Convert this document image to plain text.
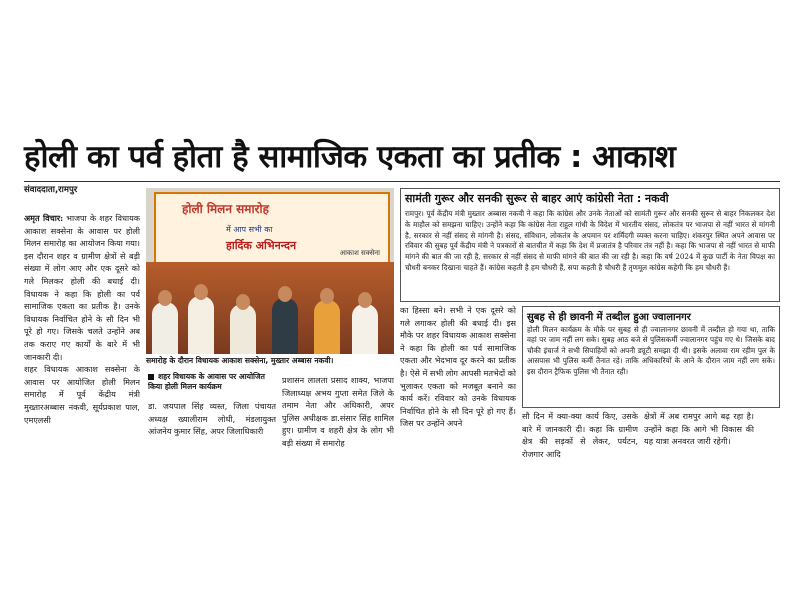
होली का पर्व होता है सामाजिक एकता का प्रतीक : आकाश
संवाददाता,रामपुर

अमृत विचार: भाजपा के शहर विधायक आकाश सक्सेना के आवास पर होली मिलन समारोह का आयोजन किया गया। इस दौरान शहर व ग्रामीण क्षेत्रों से बड़ी संख्या में लोग आए और एक दूसरे को गले मिलकर होली की बधाई दी। विधायक ने कहा कि होली का पर्व सामाजिक एकता का प्रतीक है। उनके विधायक निर्वाचित होने के सौ दिन भी पूरे हो गए। जिसके चलते उन्होंने अब तक कराए गए कार्यों के बारे में भी जानकारी दी।

शहर विधायक आकाश सक्सेना के आवास पर आयोजित होली मिलन समारोह में पूर्व केंद्रीय मंत्री मुख्तारअब्बास नकवी, सूर्यप्रकाश पाल, एमएलसी

होली मिलन समारोह
में आप सभी का
हार्दिक अभिनन्दन
आकाश सक्सेना
समारोह के दौरान विधायक आकाश सक्सेना, मुख्तार अब्बास नकवी।
शहर विधायक के आवास पर आयोजित किया होली मिलन कार्यक्रम

डा. जयपाल सिंह व्यस्त, जिला पंचायत अध्यक्ष ख्यालीराम लोधी, मंडलायुक्त आंजनेय कुमार सिंह, अपर जिलाधिकारी

प्रशासन लालता प्रसाद शाक्य, भाजपा जिलाध्यक्ष अभय गुप्ता समेत जिले के तमाम नेता और अधिकारी, अपर पुलिस अधीक्षक डा.संसार सिंह शामिल हुए। ग्रामीण व शहरी क्षेत्र के लोग भी बड़ी संख्या में समारोह

सामंती गुरूर और सनकी सुरूर से बाहर आएं कांग्रेसी नेता : नकवी
रामपुर। पूर्व केंद्रीय मंत्री मुख्तार अब्बास नकवी ने कहा कि कांग्रेस और उनके नेताओं को सामंती गुरूर और सनकी सुरूर से बाहर निकलकर देश के माहौल को समझना चाहिए। उन्होंने कहा कि कांग्रेस नेता राहुल गांधी के विदेश में भारतीय संसद, लोकतंत्र पर भाजपा से नहीं भारत से मांगनी है, सरकार से नहीं संसद से मांगनी है। संसद, संविधान, लोकतंत्र के अपमान पर शर्मिंदगी व्यक्त करना चाहिए। शंकरपुर स्थित अपने आवास पर रविवार की सुबह पूर्व केंद्रीय मंत्री ने पत्रकारों से बातचीत में कहा कि देश में प्रजातंत्र है परिवार तंत्र नहीं है। कहा कि भाजपा से नहीं भारत से माफी मांगने की बात की जा रही है, सरकार से नहीं संसद से माफी मांगने की बात की जा रही है। कहा कि वर्ष 2024 में कुछ पार्टी के नेता विपक्ष का चौधरी बनकर दिखाना चाहते हैं। कांग्रेस कहती है हम चौधरी हैं, सपा कहती है चौधरी हैं तृणमूल कांग्रेस कहेगी कि हम चौधरी हैं।

का हिस्सा बने। सभी ने एक दूसरे को गले लगाकर होली की बधाई दी। इस मौके पर शहर विधायक आकाश सक्सेना ने कहा कि होली का पर्व सामाजिक एकता और भेदभाव दूर करने का प्रतीक है। ऐसे में सभी लोग आपसी मतभेदों को भुलाकर एकता को मजबूत बनाने का कार्य करें। रविवार को उनके विधायक निर्वाचित होने के सौ दिन पूरे हो गए हैं। जिस पर उन्होंने अपने

सुबह से ही छावनी में तब्दील हुआ ज्वालानगर
होली मिलन कार्यक्रम के मौके पर सुबह से ही ज्वालानगर छावनी में तब्दील हो गया था, ताकि वहां पर जाम नहीं लग सके। सुबह आठ बजे से पुलिसकर्मी ज्वालानगर पहुंच गए थे। जिसके बाद चौकी इंचार्ज ने सभी सिपाहियों को अपनी ड्यूटी समझा दी थी। इसके अलावा राम रहीम पुल के आसपास भी पुलिस कर्मी तैनात रहे। ताकि अधिकारियों के आने के दौरान जाम नहीं लग सके। इस दौरान ट्रैफिक पुलिस भी तैनात रही।

सौ दिन में क्या-क्या कार्य किए, उसके बारे में जानकारी दी। कहा कि ग्रामीण क्षेत्र की सड़कों से लेकर, पर्यटन, रोजगार आदि

क्षेत्रों में अब रामपुर आगे बढ़ रहा है। उन्होंने कहा कि आगे भी विकास की यह यात्रा अनवरत जारी रहेगी।
